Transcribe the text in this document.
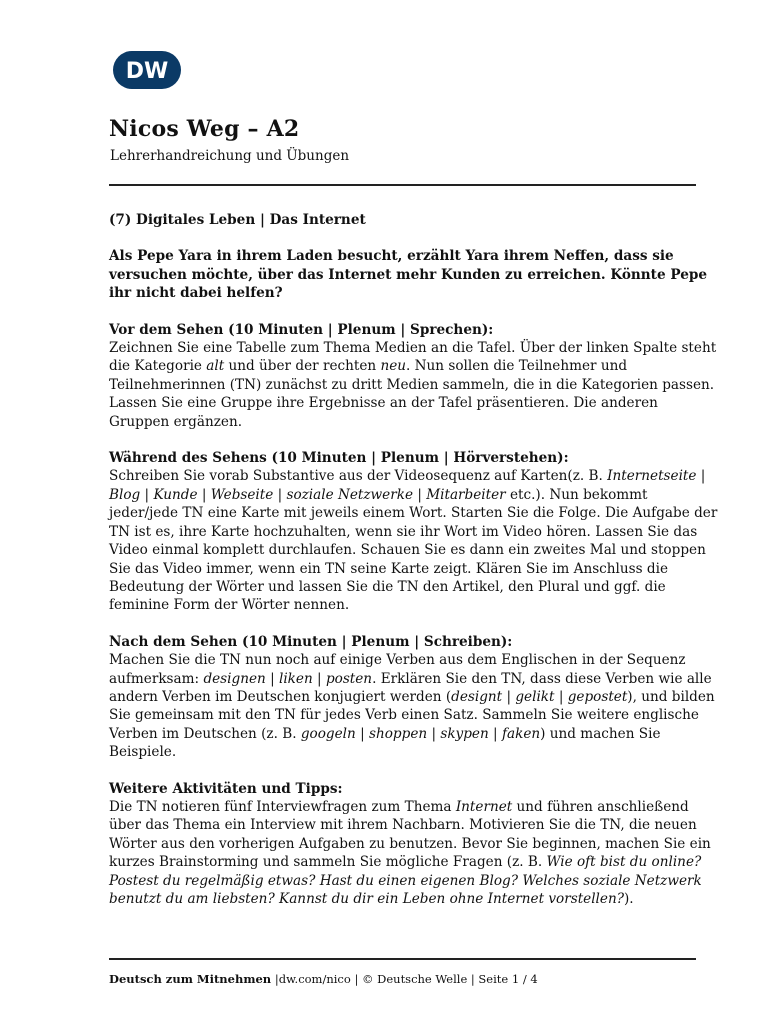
DW
Nicos Weg – A2
Lehrerhandreichung und Übungen

(7) Digitales Leben | Das Internet

Als Pepe Yara in ihrem Laden besucht, erzählt Yara ihrem Neffen, dass sie versuchen möchte, über das Internet mehr Kunden zu erreichen. Könnte Pepe ihr nicht dabei helfen?

Vor dem Sehen (10 Minuten | Plenum | Sprechen):

Zeichnen Sie eine Tabelle zum Thema Medien an die Tafel. Über der linken Spalte steht die Kategorie alt und über der rechten neu. Nun sollen die Teilnehmer und Teilnehmerinnen (TN) zunächst zu dritt Medien sammeln, die in die Kategorien passen. Lassen Sie eine Gruppe ihre Ergebnisse an der Tafel präsentieren. Die anderen Gruppen ergänzen.

Während des Sehens (10 Minuten | Plenum | Hörverstehen):

Schreiben Sie vorab Substantive aus der Videosequenz auf Karten(z. B. Internetseite | Blog | Kunde | Webseite | soziale Netzwerke | Mitarbeiter etc.). Nun bekommt jeder/jede TN eine Karte mit jeweils einem Wort. Starten Sie die Folge. Die Aufgabe der TN ist es, ihre Karte hochzuhalten, wenn sie ihr Wort im Video hören. Lassen Sie das Video einmal komplett durchlaufen. Schauen Sie es dann ein zweites Mal und stoppen Sie das Video immer, wenn ein TN seine Karte zeigt. Klären Sie im Anschluss die Bedeutung der Wörter und lassen Sie die TN den Artikel, den Plural und ggf. die feminine Form der Wörter nennen.

Nach dem Sehen (10 Minuten | Plenum | Schreiben):

Machen Sie die TN nun noch auf einige Verben aus dem Englischen in der Sequenz aufmerksam: designen | liken | posten. Erklären Sie den TN, dass diese Verben wie alle andern Verben im Deutschen konjugiert werden (designt | gelikt | gepostet), und bilden Sie gemeinsam mit den TN für jedes Verb einen Satz. Sammeln Sie weitere englische Verben im Deutschen (z. B. googeln | shoppen | skypen | faken) und machen Sie Beispiele.

Weitere Aktivitäten und Tipps:

Die TN notieren fünf Interviewfragen zum Thema Internet und führen anschließend über das Thema ein Interview mit ihrem Nachbarn. Motivieren Sie die TN, die neuen Wörter aus den vorherigen Aufgaben zu benutzen. Bevor Sie beginnen, machen Sie ein kurzes Brainstorming und sammeln Sie mögliche Fragen (z. B. Wie oft bist du online? Postest du regelmäßig etwas? Hast du einen eigenen Blog? Welches soziale Netzwerk benutzt du am liebsten? Kannst du dir ein Leben ohne Internet vorstellen?).

Deutsch zum Mitnehmen |dw.com/nico | © Deutsche Welle | Seite 1 / 4
